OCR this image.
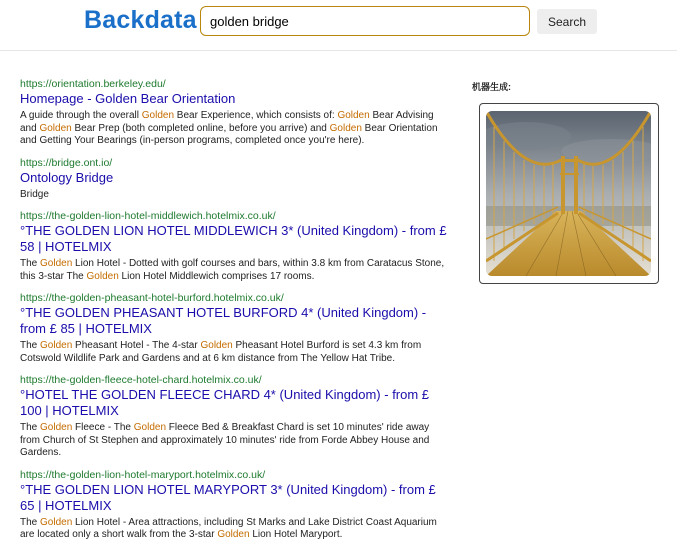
Backdata
golden bridge	Search
https://orientation.berkeley.edu/
Homepage - Golden Bear Orientation
A guide through the overall Golden Bear Experience, which consists of: Golden Bear Advising and Golden Bear Prep (both completed online, before you arrive) and Golden Bear Orientation and Getting Your Bearings (in-person programs, completed once you're here).
https://bridge.ont.io/
Ontology Bridge
Bridge
https://the-golden-lion-hotel-middlewich.hotelmix.co.uk/
°THE GOLDEN LION HOTEL MIDDLEWICH 3* (United Kingdom) - from £ 58 | HOTELMIX
The Golden Lion Hotel - Dotted with golf courses and bars, within 3.8 km from Caratacus Stone, this 3-star The Golden Lion Hotel Middlewich comprises 17 rooms.
https://the-golden-pheasant-hotel-burford.hotelmix.co.uk/
°THE GOLDEN PHEASANT HOTEL BURFORD 4* (United Kingdom) - from £ 85 | HOTELMIX
The Golden Pheasant Hotel - The 4-star Golden Pheasant Hotel Burford is set 4.3 km from Cotswold Wildlife Park and Gardens and at 6 km distance from The Yellow Hat Tribe.
https://the-golden-fleece-hotel-chard.hotelmix.co.uk/
°HOTEL THE GOLDEN FLEECE CHARD 4* (United Kingdom) - from £ 100 | HOTELMIX
The Golden Fleece - The Golden Fleece Bed & Breakfast Chard is set 10 minutes' ride away from Church of St Stephen and approximately 10 minutes' ride from Forde Abbey House and Gardens.
https://the-golden-lion-hotel-maryport.hotelmix.co.uk/
°THE GOLDEN LION HOTEL MARYPORT 3* (United Kingdom) - from £ 65 | HOTELMIX
The Golden Lion Hotel - Area attractions, including St Marks and Lake District Coast Aquarium are located only a short walk from the 3-star Golden Lion Hotel Maryport.
机器生成:
